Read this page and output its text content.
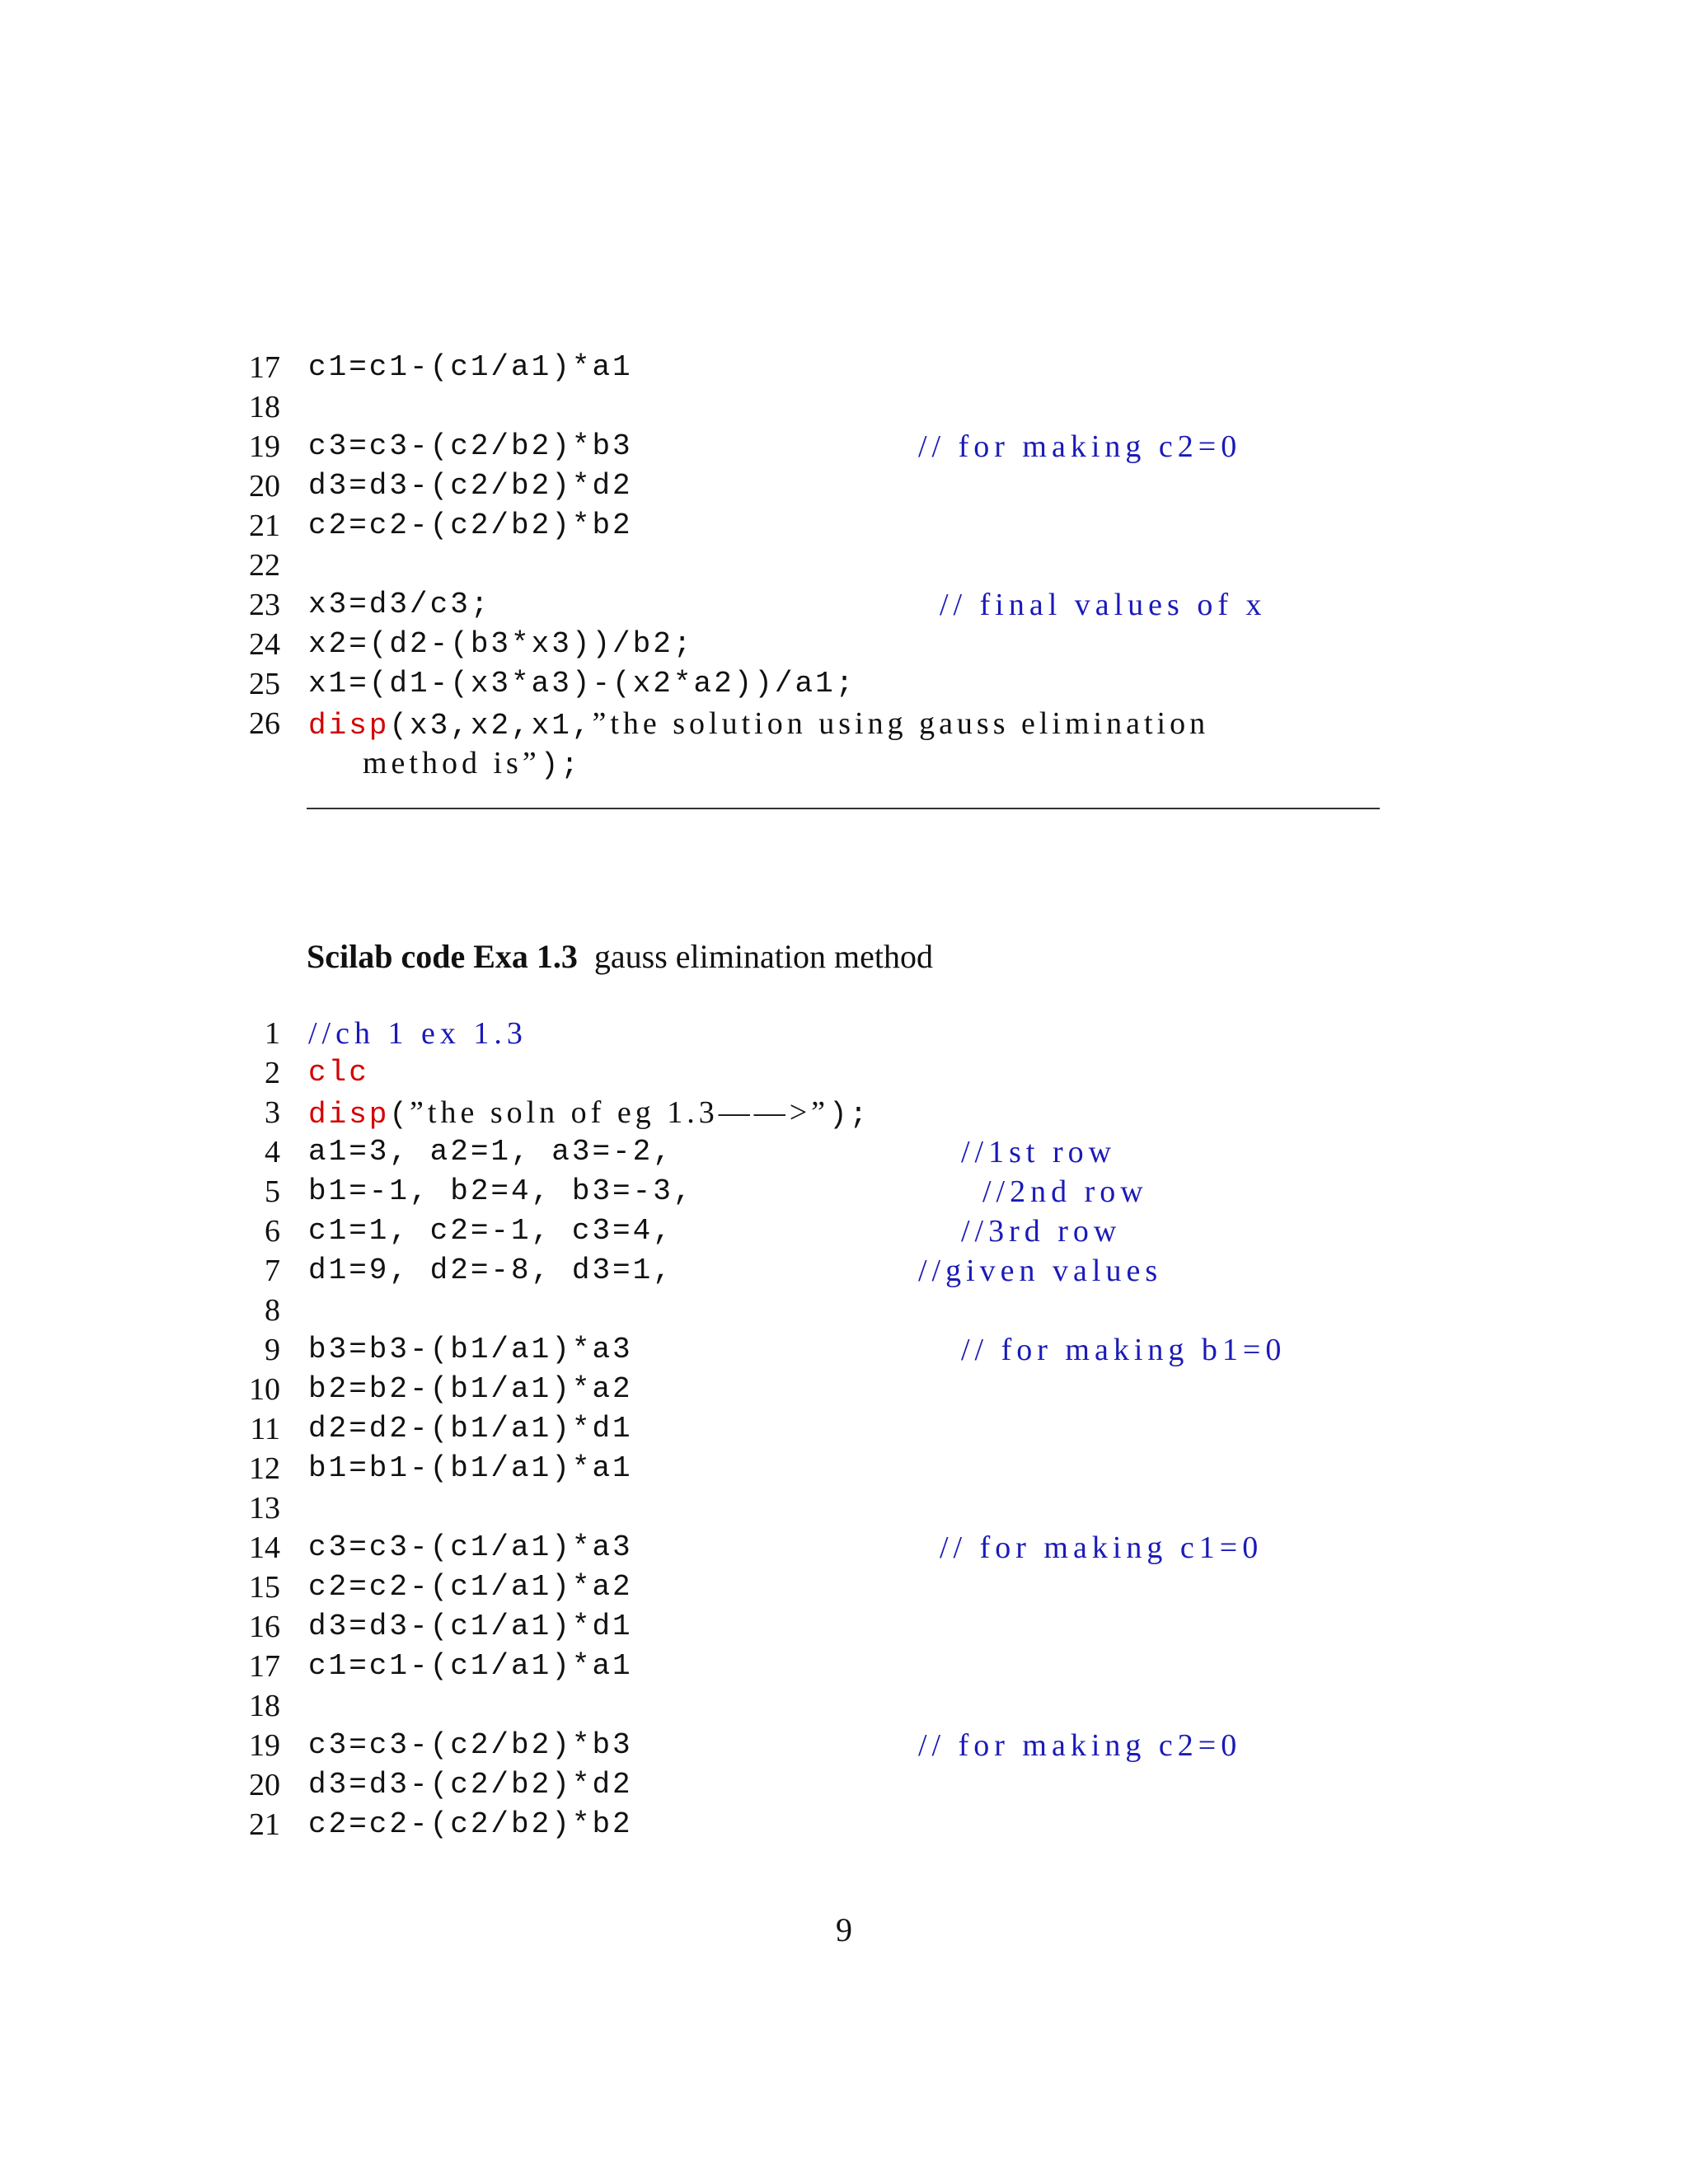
17 c1=c1-(c1/a1)*a1
18
19 c3=c3-(c2/b2)*b3	// for making c2=0
20 d3=d3-(c2/b2)*d2
21 c2=c2-(c2/b2)*b2
22
23 x3=d3/c3;	// final values of x
24 x2=(d2-(b3*x3))/b2;
25 x1=(d1-(x3*a3)-(x2*a2))/a1;
26 disp(x3,x2,x1,”the solution using gauss elimination
method is”);
Scilab code Exa 1.3 gauss elimination method
1 //ch 1 ex 1.3
2 clc
3 disp(”the soln of eg 1.3——>”);
4 a1=3, a2=1, a3=-2,	//1st row
5 b1=-1, b2=4, b3=-3,	//2nd row
6 c1=1, c2=-1, c3=4,	//3rd row
7 d1=9, d2=-8, d3=1,	//given values
8
9 b3=b3-(b1/a1)*a3	// for making b1=0
10 b2=b2-(b1/a1)*a2
11 d2=d2-(b1/a1)*d1
12 b1=b1-(b1/a1)*a1
13
14 c3=c3-(c1/a1)*a3	// for making c1=0
15 c2=c2-(c1/a1)*a2
16 d3=d3-(c1/a1)*d1
17 c1=c1-(c1/a1)*a1
18
19 c3=c3-(c2/b2)*b3	// for making c2=0
20 d3=d3-(c2/b2)*d2
21 c2=c2-(c2/b2)*b2
9
